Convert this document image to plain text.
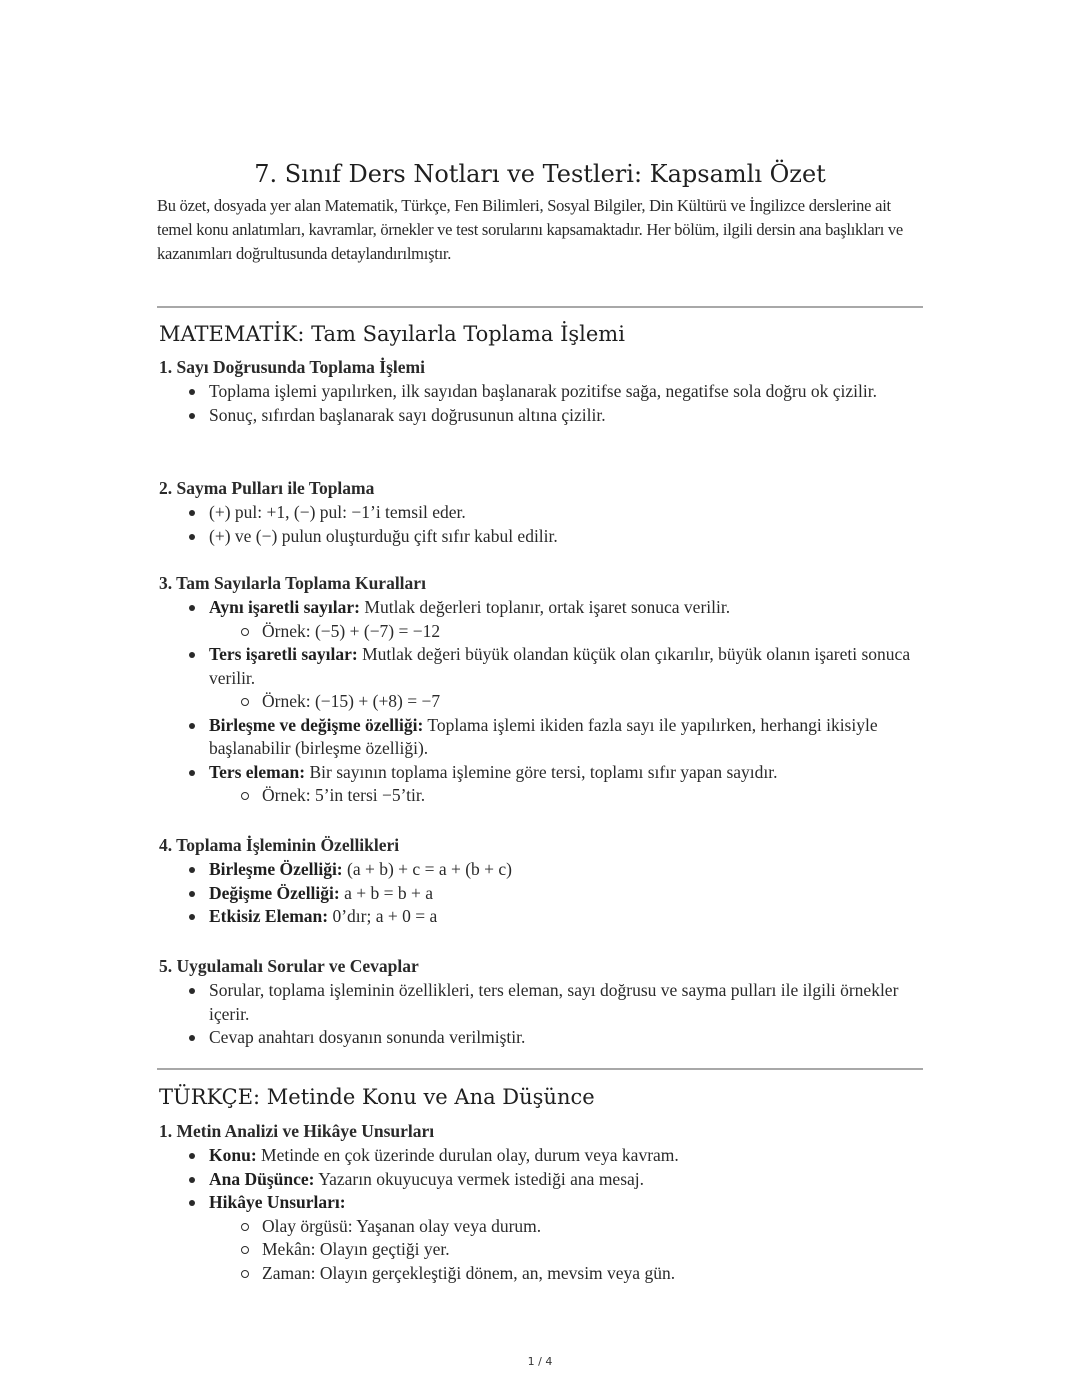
7. Sınıf Ders Notları ve Testleri: Kapsamlı Özet

Bu özet, dosyada yer alan Matematik, Türkçe, Fen Bilimleri, Sosyal Bilgiler, Din Kültürü ve İngilizce derslerine ait temel konu anlatımları, kavramlar, örnekler ve test sorularını kapsamaktadır. Her bölüm, ilgili dersin ana başlıkları ve kazanımları doğrultusunda detaylandırılmıştır.

MATEMATİK: Tam Sayılarla Toplama İşlemi
1. Sayı Doğrusunda Toplama İşlemi
Toplama işlemi yapılırken, ilk sayıdan başlanarak pozitifse sağa, negatifse sola doğru ok çizilir.
Sonuç, sıfırdan başlanarak sayı doğrusunun altına çizilir.
2. Sayma Pulları ile Toplama
(+) pul: +1, (−) pul: −1’i temsil eder.
(+) ve (−) pulun oluşturduğu çift sıfır kabul edilir.
3. Tam Sayılarla Toplama Kuralları
Aynı işaretli sayılar: Mutlak değerleri toplanır, ortak işaret sonuca verilir.
Örnek: (−5) + (−7) = −12
Ters işaretli sayılar: Mutlak değeri büyük olandan küçük olan çıkarılır, büyük olanın işareti sonuca verilir.
Örnek: (−15) + (+8) = −7
Birleşme ve değişme özelliği: Toplama işlemi ikiden fazla sayı ile yapılırken, herhangi ikisiyle başlanabilir (birleşme özelliği).
Ters eleman: Bir sayının toplama işlemine göre tersi, toplamı sıfır yapan sayıdır.
Örnek: 5’in tersi −5’tir.
4. Toplama İşleminin Özellikleri
Birleşme Özelliği: (a + b) + c = a + (b + c)
Değişme Özelliği: a + b = b + a
Etkisiz Eleman: 0’dır; a + 0 = a
5. Uygulamalı Sorular ve Cevaplar
Sorular, toplama işleminin özellikleri, ters eleman, sayı doğrusu ve sayma pulları ile ilgili örnekler içerir.
Cevap anahtarı dosyanın sonunda verilmiştir.
TÜRKÇE: Metinde Konu ve Ana Düşünce
1. Metin Analizi ve Hikâye Unsurları
Konu: Metinde en çok üzerinde durulan olay, durum veya kavram.
Ana Düşünce: Yazarın okuyucuya vermek istediği ana mesaj.
Hikâye Unsurları:
Olay örgüsü: Yaşanan olay veya durum.
Mekân: Olayın geçtiği yer.
Zaman: Olayın gerçekleştiği dönem, an, mevsim veya gün.
1 / 4
